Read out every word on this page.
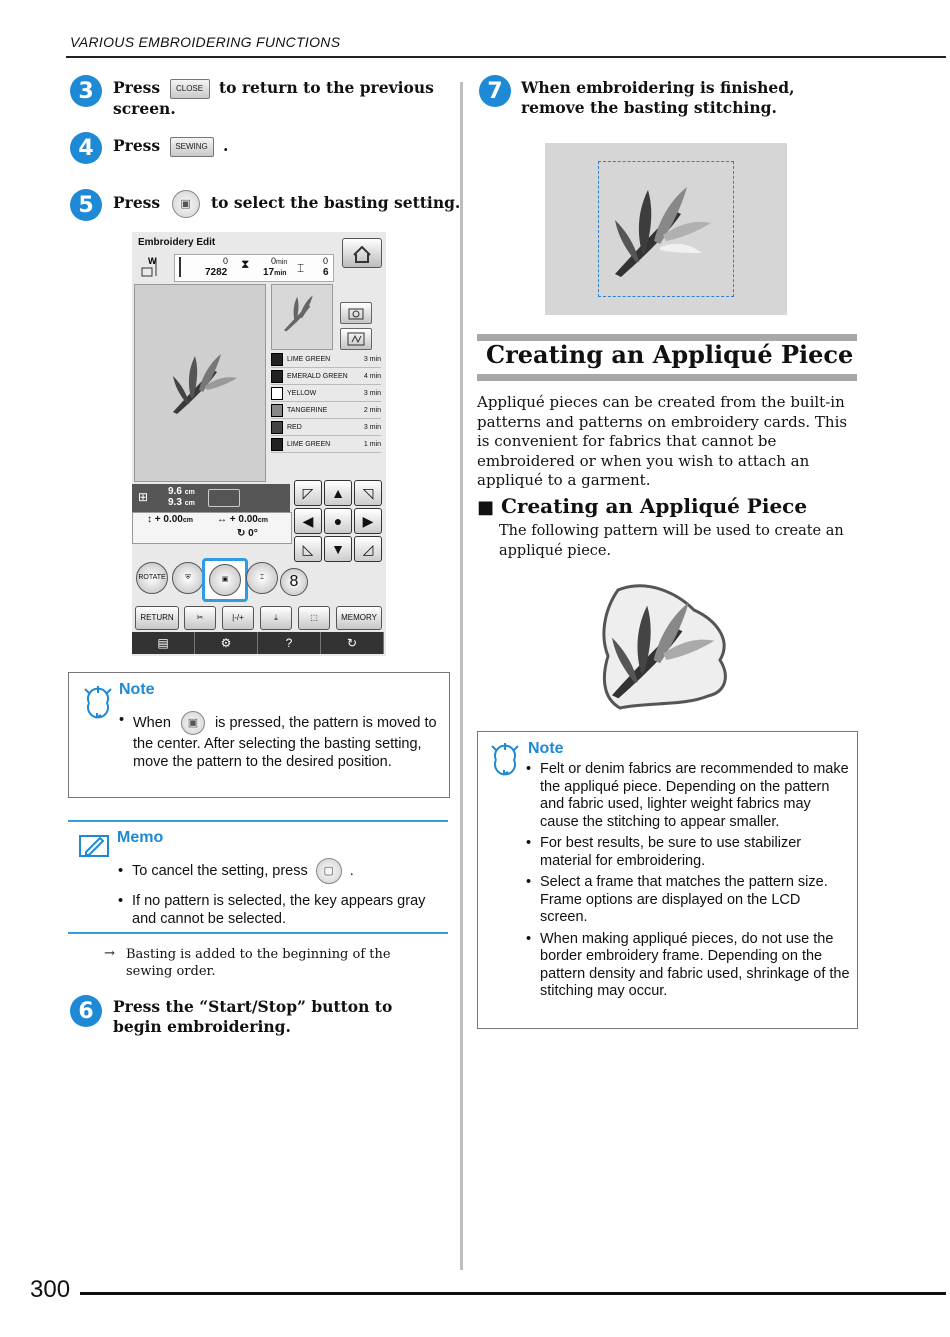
VARIOUS EMBROIDERING FUNCTIONS
3	Press CLOSE to return to the previous
screen.
4	Press SEWING .
5	Press ▣ to select the basting setting.
Embroidery Edit
W	0
7282
⧗ 0min
17min ⌶ 0
6
LIME GREEN	3 min
EMERALD GREEN	4 min
YELLOW	3 min
TANGERINE	2 min
RED	3 min
LIME GREEN	1 min
⊞ 9.6 cm
9.3 cm
↕ + 0.00cm ↔ + 0.00cm
↻ 0°
◸	▲	◹
◀	●	▶
◺	▼	◿
ROTATE	⛨	▣	⌶	8
RETURN	✂	|-/+	⤓	⬚	MEMORY
▤	⚙	?	↻
Note
• When ▣ is pressed, the pattern is moved to the center. After selecting the basting setting, move the pattern to the desired position.
Memo
• To cancel the setting, press ▢ .
• If no pattern is selected, the key appears gray and cannot be selected.
→ Basting is added to the beginning of the sewing order.
6	Press the “Start/Stop” button to begin embroidering.
7	When embroidering is finished, remove the basting stitching.
Creating an Appliqué Piece
Appliqué pieces can be created from the built-in patterns and patterns on embroidery cards. This is convenient for fabrics that cannot be embroidered or when you wish to attach an appliqué to a garment.
■ Creating an Appliqué Piece
The following pattern will be used to create an appliqué piece.
Note
• Felt or denim fabrics are recommended to make the appliqué piece. Depending on the pattern and fabric used, lighter weight fabrics may cause the stitching to appear smaller.
• For best results, be sure to use stabilizer material for embroidering.
• Select a frame that matches the pattern size. Frame options are displayed on the LCD screen.
• When making appliqué pieces, do not use the border embroidery frame. Depending on the pattern density and fabric used, shrinkage of the stitching may occur.
300
